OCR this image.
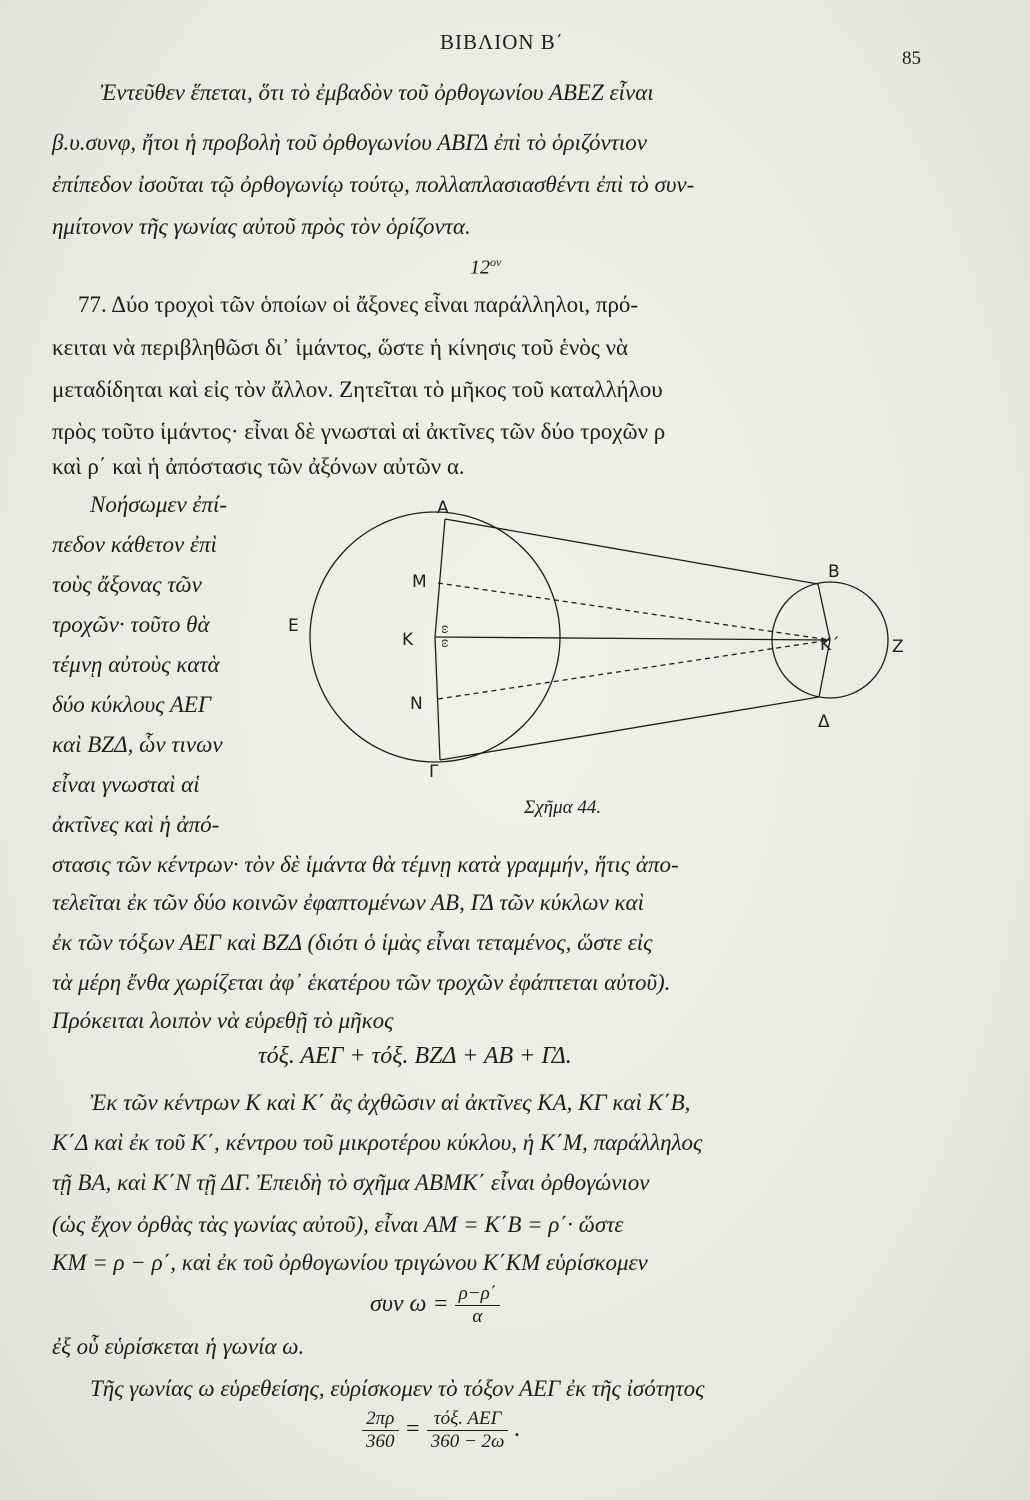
ΒΙΒΛΙΟΝ Β΄
85
Ἐντεῦθεν ἕπεται, ὅτι τὸ ἐμβαδὸν τοῦ ὀρθογωνίου ΑΒΕΖ εἶναι
β.υ.συνφ, ἤτοι ἡ προβολὴ τοῦ ὀρθογωνίου ΑΒΓΔ ἐπὶ τὸ ὁριζόντιον
ἐπίπεδον ἰσοῦται τῷ ὀρθογωνίῳ τούτῳ, πολλαπλασιασθέντι ἐπὶ τὸ συν-
ημίτονον τῆς γωνίας αὐτοῦ πρὸς τὸν ὁρίζοντα.
$12^{o\nu}$
77. Δύο τροχοὶ τῶν ὁποίων οἱ ἄξονες εἶναι παράλληλοι, πρό-
κειται νὰ περιβληθῶσι δι᾿ ἱμάντος, ὥστε ἡ κίνησις τοῦ ἑνὸς νὰ
μεταδίδηται καὶ εἰς τὸν ἄλλον. Ζητεῖται τὸ μῆκος τοῦ καταλλήλου
πρὸς τοῦτο ἱμάντος· εἶναι δὲ γνωσταὶ αἱ ἀκτῖνες τῶν δύο τροχῶν ρ
καὶ ρ΄ καὶ ἡ ἀπόστασις τῶν ἀξόνων αὐτῶν α.
Νοήσωμεν ἐπί-
πεδον κάθετον ἐπὶ
τοὺς ἄξονας τῶν
τροχῶν· τοῦτο θὰ
τέμνῃ αὐτοὺς κατὰ
δύο κύκλους ΑΕΓ
καὶ ΒΖΔ, ὧν τινων
εἶναι γνωσταὶ αἱ
ἀκτῖνες καὶ ἡ ἀπό-
A
M
K
N
E
Γ
B
K΄	Z
Δ
ω
ω
Σχῆμα 44.
στασις τῶν κέντρων· τὸν δὲ ἱμάντα θὰ τέμνῃ κατὰ γραμμήν, ἥτις ἀπο-
τελεῖται ἐκ τῶν δύο κοινῶν ἐφαπτομένων ΑΒ, ΓΔ τῶν κύκλων καὶ
ἐκ τῶν τόξων ΑΕΓ καὶ ΒΖΔ (διότι ὁ ἱμὰς εἶναι τεταμένος, ὥστε εἰς
τὰ μέρη ἔνθα χωρίζεται ἀφ᾿ ἑκατέρου τῶν τροχῶν ἐφάπτεται αὐτοῦ).
Πρόκειται λοιπὸν νὰ εὑρεθῇ τὸ μῆκος
τόξ. ΑΕΓ + τόξ. ΒΖΔ + ΑΒ + ΓΔ.
Ἐκ τῶν κέντρων Κ καὶ Κ΄ ἂς ἀχθῶσιν αἱ ἀκτῖνες ΚΑ, ΚΓ καὶ Κ΄Β,
Κ΄Δ καὶ ἐκ τοῦ Κ΄, κέντρου τοῦ μικροτέρου κύκλου, ἡ Κ΄Μ, παράλληλος
τῇ ΒΑ, καὶ Κ΄Ν τῇ ΔΓ. Ἐπειδὴ τὸ σχῆμα ΑΒΜΚ΄ εἶναι ὀρθογώνιον
(ὡς ἔχον ὀρθὰς τὰς γωνίας αὐτοῦ), εἶναι ΑΜ = Κ΄Β = ρ΄· ὥστε
ΚΜ = ρ − ρ΄, καὶ ἐκ τοῦ ὀρθογωνίου τριγώνου Κ΄ΚΜ εὑρίσκομεν
συν $\omega = \frac{\rho-\rho΄}{\alpha}$
ἐξ οὗ εὑρίσκεται ἡ γωνία ω.
Τῆς γωνίας ω εὑρεθείσης, εὑρίσκομεν τὸ τόξον ΑΕΓ ἐκ τῆς ἰσότητος
$\frac{2\pi\rho}{360} = \frac{\text{τόξ. ΑΕΓ}}{360 - 2\omega}$ .
